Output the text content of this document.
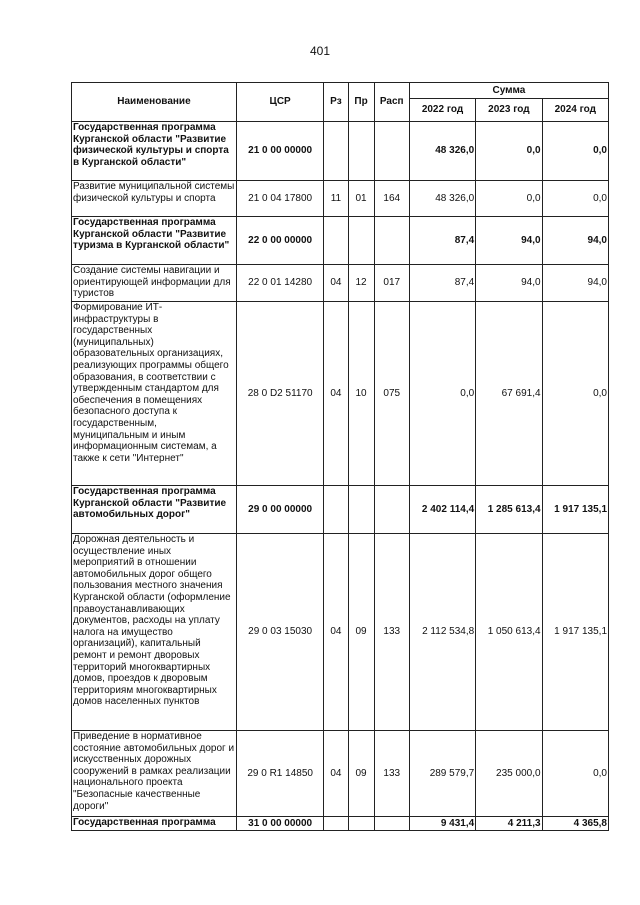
401
Наименование	ЦСР	Рз	Пр	Расп	Сумма		
					2022 год	2023 год	2024 год
Государственная программа Курганской области "Развитие физической культуры и спорта в Курганской области"	21 0 00 00000				48 326,0	0,0	0,0
Развитие муниципальной системы физической культуры и спорта	21 0 04 17800	11	01	164	48 326,0	0,0	0,0
Государственная программа Курганской области "Развитие туризма в Курганской области"	22 0 00 00000				87,4	94,0	94,0
Создание системы навигации и ориентирующей информации для туристов	22 0 01 14280	04	12	017	87,4	94,0	94,0
Формирование ИТ-инфраструктуры в государственных (муниципальных) образовательных организациях, реализующих программы общего образования, в соответствии с утвержденным стандартом для обеспечения в помещениях безопасного доступа к государственным, муниципальным и иным информационным системам, а также к сети "Интернет"	28 0 D2 51170	04	10	075	0,0	67 691,4	0,0
Государственная программа Курганской области "Развитие автомобильных дорог"	29 0 00 00000				2 402 114,4	1 285 613,4	1 917 135,1
Дорожная деятельность и осуществление иных мероприятий в отношении автомобильных дорог общего пользования местного значения Курганской области (оформление правоустанавливающих документов, расходы на уплату налога на имущество организаций), капитальный ремонт и ремонт дворовых территорий многоквартирных домов, проездов к дворовым территориям многоквартирных домов населенных пунктов	29 0 03 15030	04	09	133	2 112 534,8	1 050 613,4	1 917 135,1
Приведение в нормативное состояние автомобильных дорог и искусственных дорожных сооружений в рамках реализации национального проекта "Безопасные качественные дороги"	29 0 R1 14850	04	09	133	289 579,7	235 000,0	0,0
Государственная программа	31 0 00 00000				9 431,4	4 211,3	4 365,8
